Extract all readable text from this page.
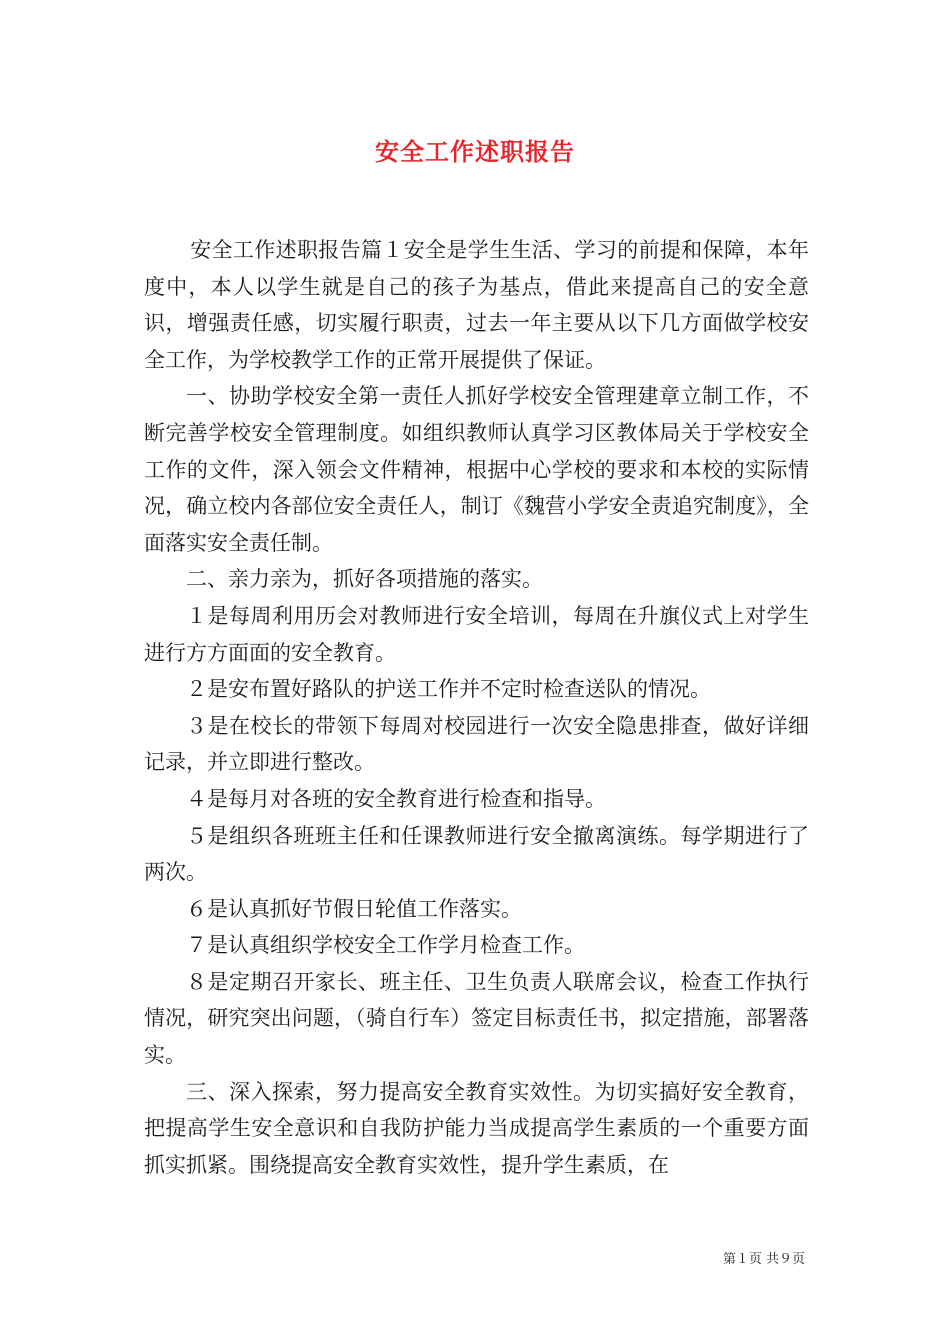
安全工作述职报告

安全工作述职报告篇１安全是学生生活、学习的前提和保障，本年度中，本人以学生就是自己的孩子为基点，借此来提高自己的安全意识，增强责任感，切实履行职责，过去一年主要从以下几方面做学校安全工作，为学校教学工作的正常开展提供了保证。

一、协助学校安全第一责任人抓好学校安全管理建章立制工作，不断完善学校安全管理制度。如组织教师认真学习区教体局关于学校安全工作的文件，深入领会文件精神，根据中心学校的要求和本校的实际情况，确立校内各部位安全责任人，制订《魏营小学安全责追究制度》，全面落实安全责任制。

二、亲力亲为，抓好各项措施的落实。

１是每周利用历会对教师进行安全培训，每周在升旗仪式上对学生进行方方面面的安全教育。

２是安布置好路队的护送工作并不定时检查送队的情况。

３是在校长的带领下每周对校园进行一次安全隐患排查，做好详细记录，并立即进行整改。

４是每月对各班的安全教育进行检查和指导。

５是组织各班班主任和任课教师进行安全撤离演练。每学期进行了两次。

６是认真抓好节假日轮值工作落实。

７是认真组织学校安全工作学月检查工作。

８是定期召开家长、班主任、卫生负责人联席会议，检查工作执行情况，研究突出问题，（骑自行车）签定目标责任书，拟定措施，部署落实。

三、深入探索，努力提高安全教育实效性。为切实搞好安全教育，把提高学生安全意识和自我防护能力当成提高学生素质的一个重要方面抓实抓紧。围绕提高安全教育实效性，提升学生素质，在

第１页 共９页
